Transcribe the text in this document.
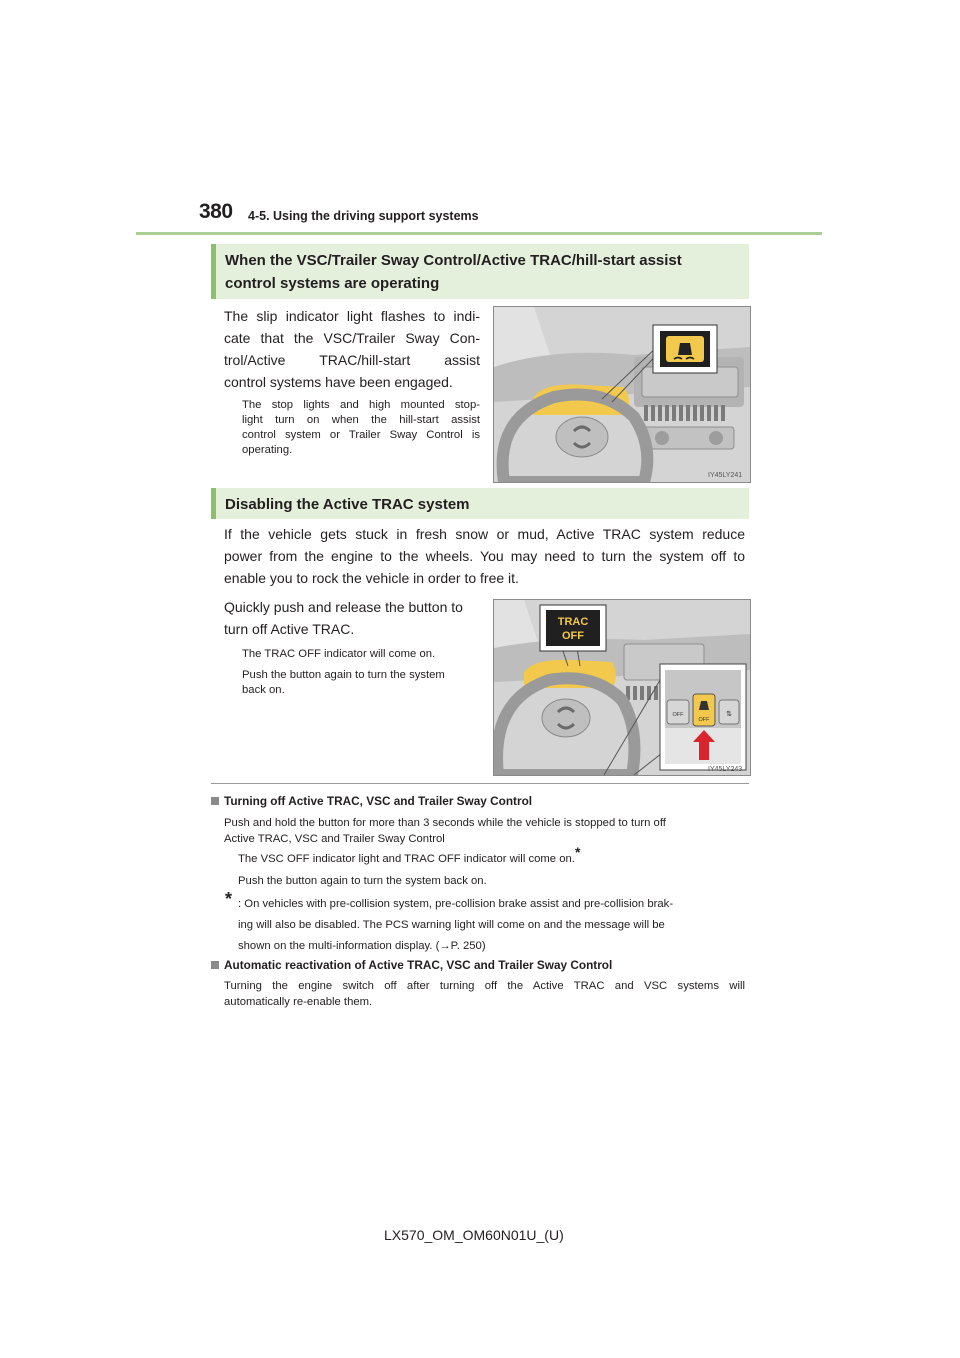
380 4-5. Using the driving support systems
When the VSC/Trailer Sway Control/Active TRAC/hill-start assist
control systems are operating
The slip indicator light flashes to indi-
cate that the VSC/Trailer Sway Con-
trol/Active TRAC/hill-start assist
control systems have been engaged.
The stop lights and high mounted stop-
light turn on when the hill-start assist
control system or Trailer Sway Control is
operating.
IY45LY241
Disabling the Active TRAC system
If the vehicle gets stuck in fresh snow or mud, Active TRAC system reduce
power from the engine to the wheels. You may need to turn the system off to
enable you to rock the vehicle in order to free it.
Quickly push and release the button to
turn off Active TRAC.
The TRAC OFF indicator will come on.
Push the button again to turn the system
back on.
TRAC
OFF
OFF
OFF
⇅
IY45LY243
Turning off Active TRAC, VSC and Trailer Sway Control
Push and hold the button for more than 3 seconds while the vehicle is stopped to turn off
Active TRAC, VSC and Trailer Sway Control
The VSC OFF indicator light and TRAC OFF indicator will come on.*
Push the button again to turn the system back on.
* : On vehicles with pre-collision system, pre-collision brake assist and pre-collision brak-
ing will also be disabled. The PCS warning light will come on and the message will be
shown on the multi-information display. (→P. 250)
Automatic reactivation of Active TRAC, VSC and Trailer Sway Control
Turning the engine switch off after turning off the Active TRAC and VSC systems will
automatically re-enable them.
LX570_OM_OM60N01U_(U)
